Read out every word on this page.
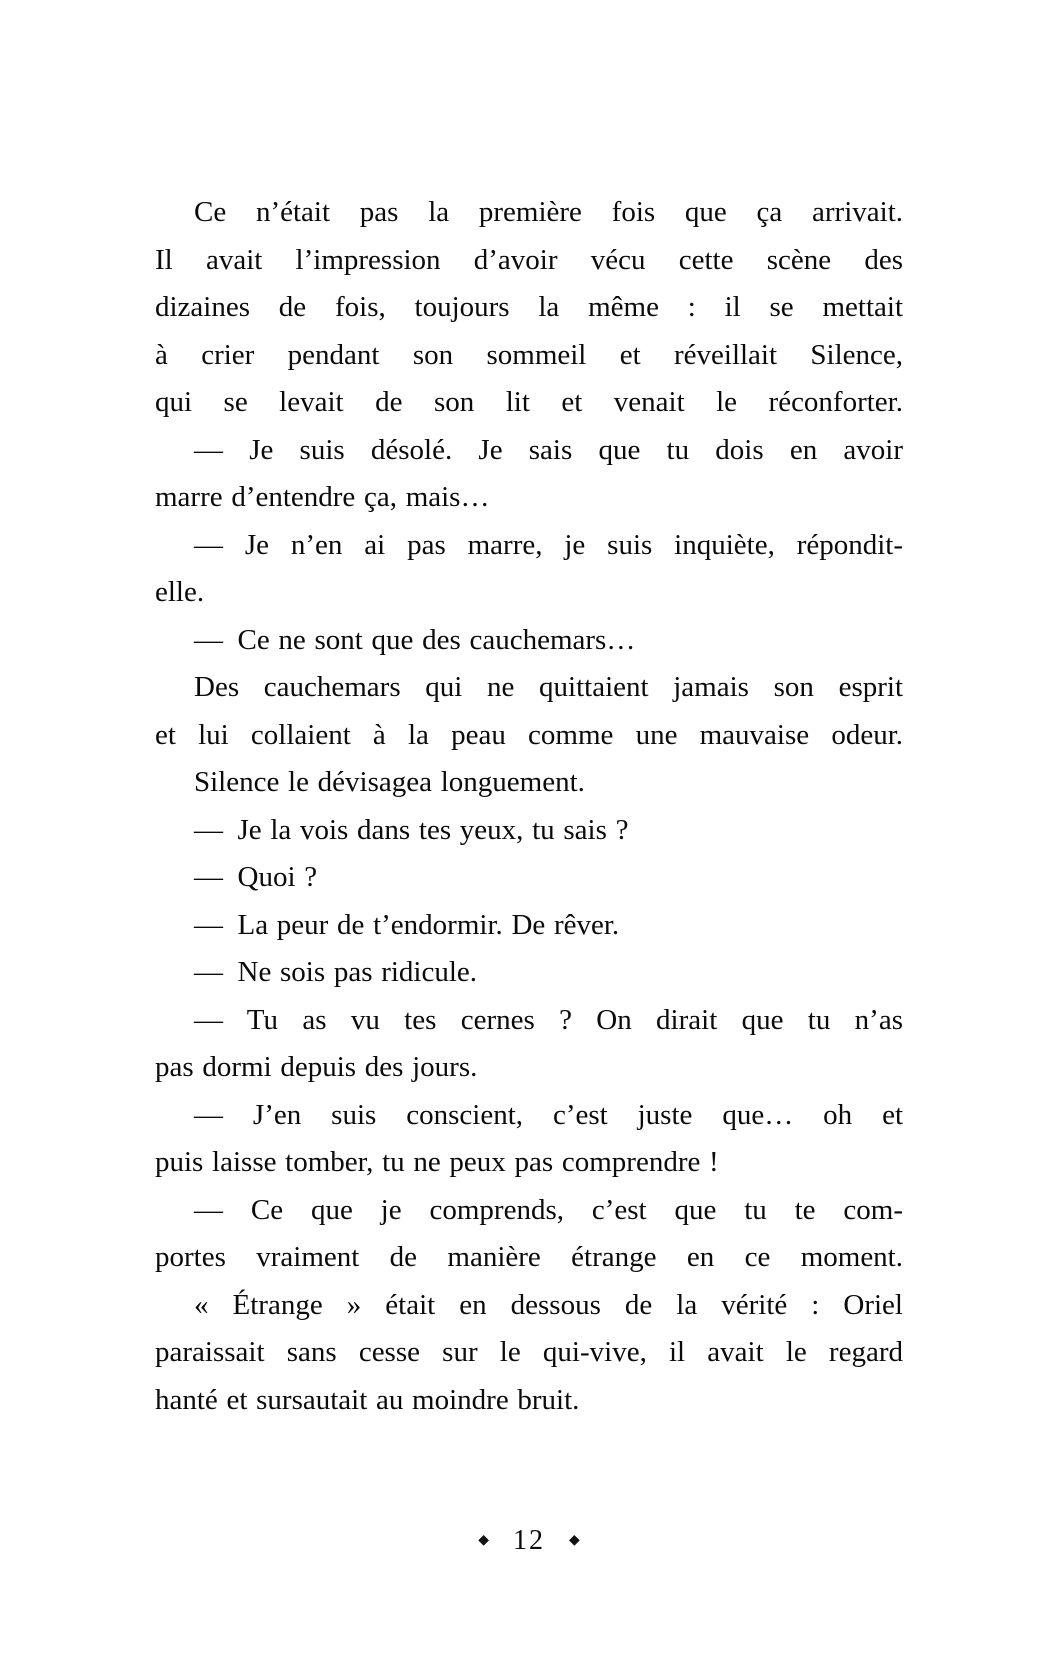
Ce n’était pas la première fois que ça arrivait.
Il avait l’impression d’avoir vécu cette scène des
dizaines de fois, toujours la même : il se mettait
à crier pendant son sommeil et réveillait Silence,
qui se levait de son lit et venait le réconforter.
— Je suis désolé. Je sais que tu dois en avoir
marre d’entendre ça, mais…
— Je n’en ai pas marre, je suis inquiète, répondit-
elle.
— Ce ne sont que des cauchemars…
Des cauchemars qui ne quittaient jamais son esprit
et lui collaient à la peau comme une mauvaise odeur.
Silence le dévisagea longuement.
— Je la vois dans tes yeux, tu sais ?
— Quoi ?
— La peur de t’endormir. De rêver.
— Ne sois pas ridicule.
— Tu as vu tes cernes ? On dirait que tu n’as
pas dormi depuis des jours.
— J’en suis conscient, c’est juste que… oh et
puis laisse tomber, tu ne peux pas comprendre !
— Ce que je comprends, c’est que tu te com-
portes vraiment de manière étrange en ce moment.
« Étrange » était en dessous de la vérité : Oriel
paraissait sans cesse sur le qui-vive, il avait le regard
hanté et sursautait au moindre bruit.
◆ 12 ◆
